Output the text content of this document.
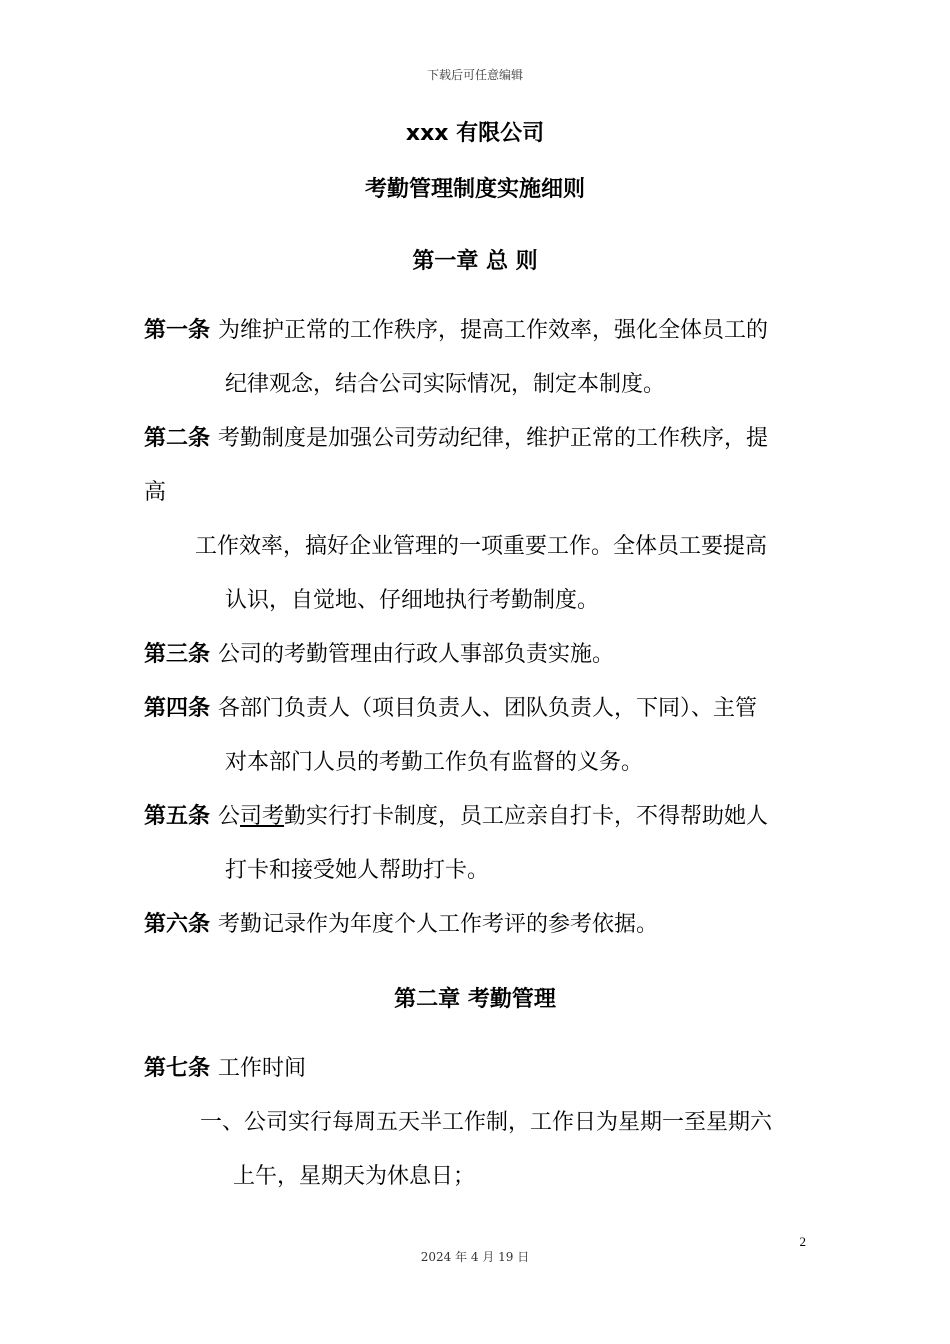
下载后可任意编辑
xxx 有限公司
考勤管理制度实施细则
第一章 总 则
第一条 为维护正常的工作秩序，提高工作效率，强化全体员工的
纪律观念，结合公司实际情况，制定本制度。
第二条 考勤制度是加强公司劳动纪律，维护正常的工作秩序，提
高
工作效率，搞好企业管理的一项重要工作。全体员工要提高
认识，自觉地、仔细地执行考勤制度。
第三条 公司的考勤管理由行政人事部负责实施。
第四条 各部门负责人（项目负责人、团队负责人，下同）、主管
对本部门人员的考勤工作负有监督的义务。
第五条 公司考勤实行打卡制度，员工应亲自打卡，不得帮助她人
打卡和接受她人帮助打卡。
第六条 考勤记录作为年度个人工作考评的参考依据。
第二章 考勤管理
第七条 工作时间
一、公司实行每周五天半工作制，工作日为星期一至星期六
上午，星期天为休息日；
2
2024 年 4 月 19 日
